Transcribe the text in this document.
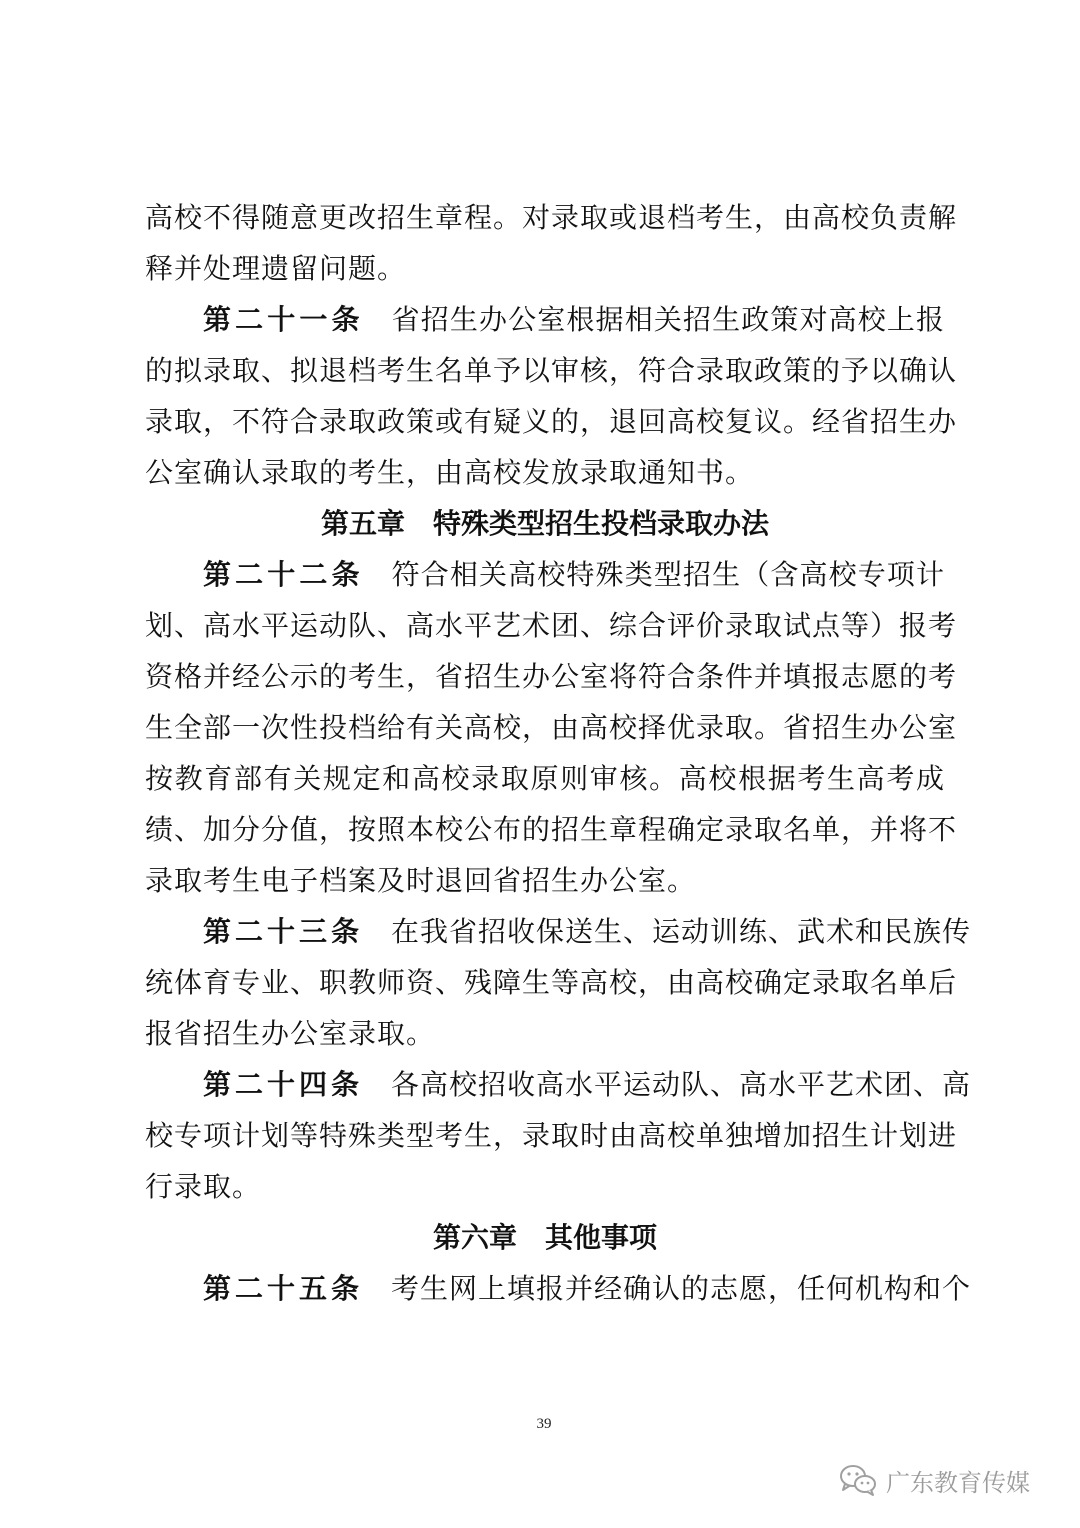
高校不得随意更改招生章程。对录取或退档考生，由高校负责解
释并处理遗留问题。
第二十一条 省招生办公室根据相关招生政策对高校上报
的拟录取、拟退档考生名单予以审核，符合录取政策的予以确认
录取，不符合录取政策或有疑义的，退回高校复议。经省招生办
公室确认录取的考生，由高校发放录取通知书。
第五章 特殊类型招生投档录取办法
第二十二条 符合相关高校特殊类型招生（含高校专项计
划、高水平运动队、高水平艺术团、综合评价录取试点等）报考
资格并经公示的考生，省招生办公室将符合条件并填报志愿的考
生全部一次性投档给有关高校，由高校择优录取。省招生办公室
按教育部有关规定和高校录取原则审核。高校根据考生高考成
绩、加分分值，按照本校公布的招生章程确定录取名单，并将不
录取考生电子档案及时退回省招生办公室。
第二十三条 在我省招收保送生、运动训练、武术和民族传
统体育专业、职教师资、残障生等高校，由高校确定录取名单后
报省招生办公室录取。
第二十四条 各高校招收高水平运动队、高水平艺术团、高
校专项计划等特殊类型考生，录取时由高校单独增加招生计划进
行录取。
第六章 其他事项
第二十五条 考生网上填报并经确认的志愿，任何机构和个
39
广东教育传媒
